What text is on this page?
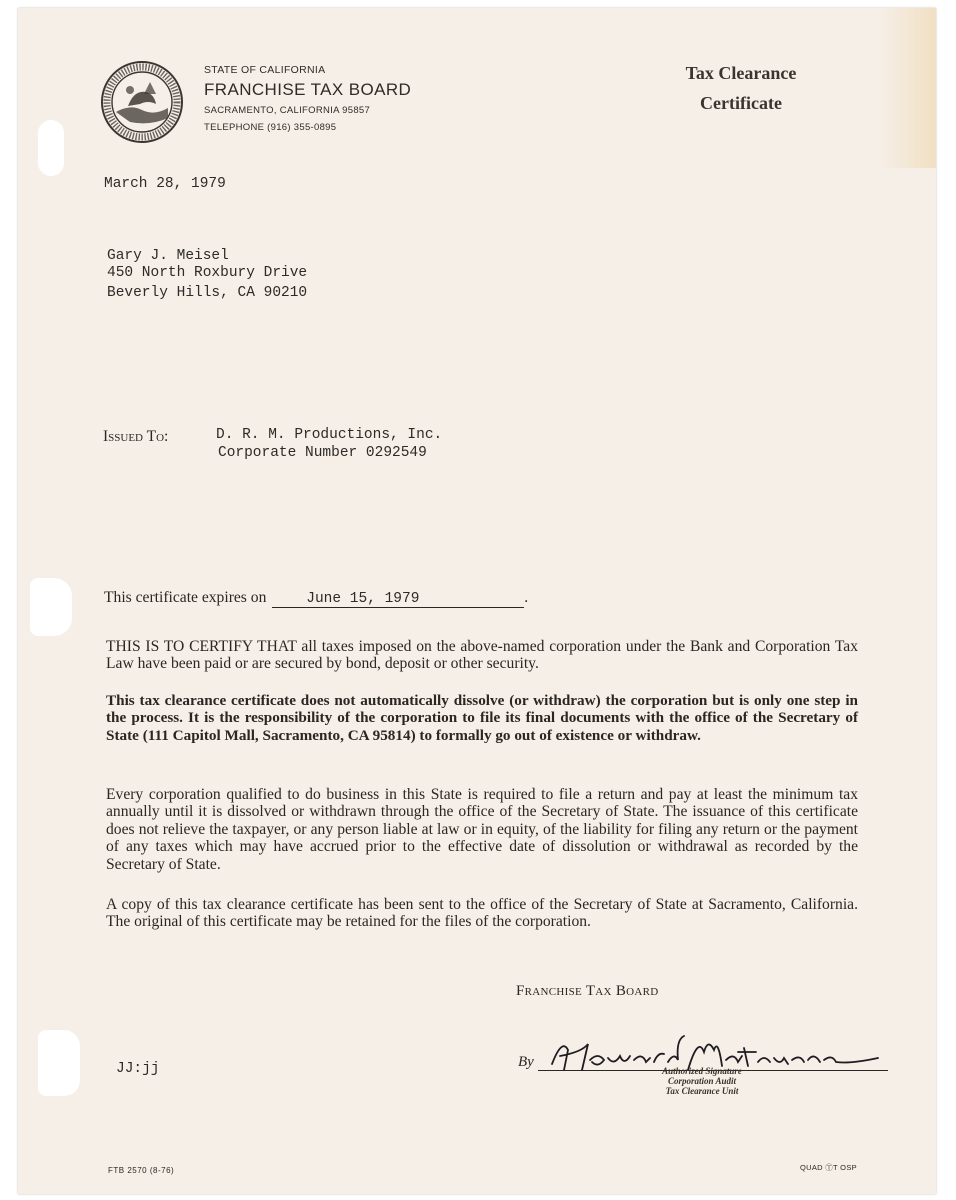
STATE OF CALIFORNIA
FRANCHISE TAX BOARD
SACRAMENTO, CALIFORNIA 95857
TELEPHONE (916) 355-0895
Tax Clearance
Certificate
March 28, 1979
Gary J. Meisel
450 North Roxbury Drive
Beverly Hills, CA 90210
Issued To:	D. R. M. Productions, Inc.
Corporate Number 0292549
This certificate expires on	June 15, 1979	.
THIS IS TO CERTIFY THAT all taxes imposed on the above-named corporation under the Bank and Corporation Tax Law have been paid or are secured by bond, deposit or other security.
This tax clearance certificate does not automatically dissolve (or withdraw) the corporation but is only one step in the process. It is the responsibility of the corporation to file its final documents with the office of the Secretary of State (111 Capitol Mall, Sacramento, CA 95814) to formally go out of existence or withdraw.
Every corporation qualified to do business in this State is required to file a return and pay at least the minimum tax annually until it is dissolved or withdrawn through the office of the Secretary of State. The issuance of this certificate does not relieve the taxpayer, or any person liable at law or in equity, of the liability for filing any return or the payment of any taxes which may have accrued prior to the effective date of dissolution or withdrawal as recorded by the Secretary of State.
A copy of this tax clearance certificate has been sent to the office of the Secretary of State at Sacramento, California. The original of this certificate may be retained for the files of the corporation.
Franchise Tax Board
By
Authorized Signature
Corporation Audit
Tax Clearance Unit
JJ:jj
FTB 2570 (8-76)	QUAD ⓉT OSP
